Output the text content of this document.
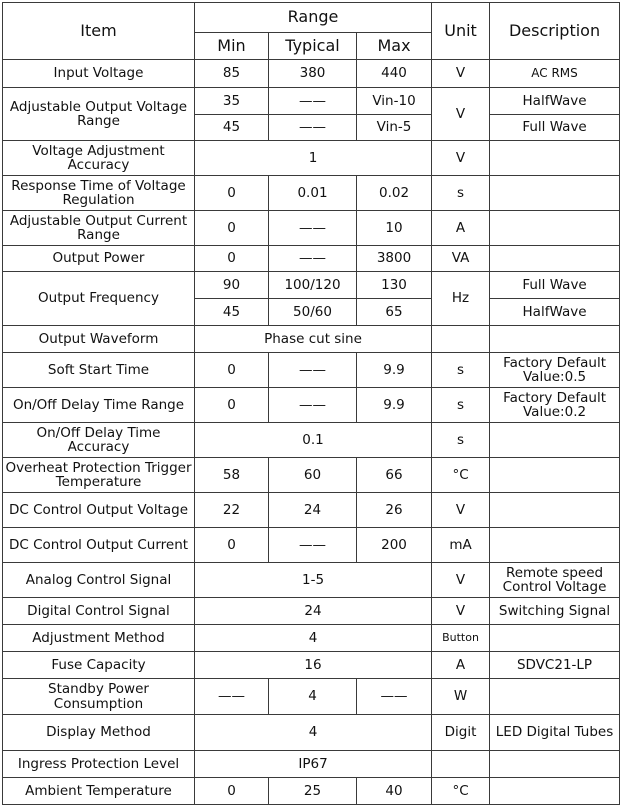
Item	Range			Unit	Description
	Min	Typical	Max		
Input Voltage	85	380	440	V	AC RMS
Adjustable Output Voltage Range	35	——	Vin-10	V	HalfWave
	45	——	Vin-5		Full Wave
Voltage Adjustment Accuracy	1			V	
Response Time of Voltage Regulation	0	0.01	0.02	s	
Adjustable Output Current Range	0	——	10	A	
Output Power	0	——	3800	VA	
Output Frequency	90	100/120	130	Hz	Full Wave
	45	50/60	65		HalfWave
Output Waveform	Phase cut sine				
Soft Start Time	0	——	9.9	s	Factory Default Value:0.5
On/Off Delay Time Range	0	——	9.9	s	Factory Default Value:0.2
On/Off Delay Time Accuracy	0.1			s	
Overheat Protection Trigger Temperature	58	60	66	°C	
DC Control Output Voltage	22	24	26	V	
DC Control Output Current	0	——	200	mA	
Analog Control Signal	1-5			V	Remote speed Control Voltage
Digital Control Signal	24			V	Switching Signal
Adjustment Method	4			Button	
Fuse Capacity	16			A	SDVC21-LP
Standby Power Consumption	——	4	——	W	
Display Method	4			Digit	LED Digital Tubes
Ingress Protection Level	IP67				
Ambient Temperature	0	25	40	°C	
